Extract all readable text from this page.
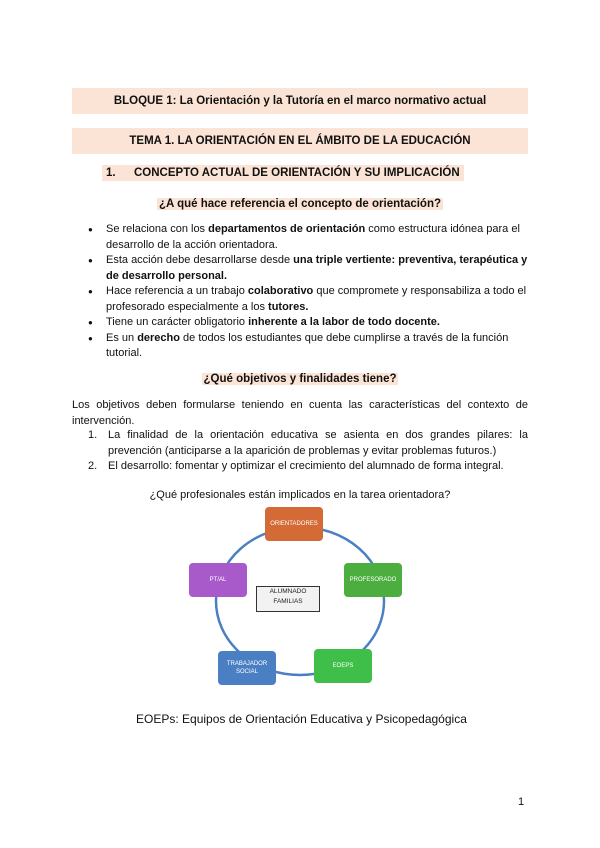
BLOQUE 1: La Orientación y la Tutoría en el marco normativo actual
TEMA 1. LA ORIENTACIÓN EN EL ÁMBITO DE LA EDUCACIÓN
1. CONCEPTO ACTUAL DE ORIENTACIÓN Y SU IMPLICACIÓN
¿A qué hace referencia el concepto de orientación?
● Se relaciona con los departamentos de orientación como estructura idónea para el desarrollo de la acción orientadora.
● Esta acción debe desarrollarse desde una triple vertiente: preventiva, terapéutica y de desarrollo personal.
● Hace referencia a un trabajo colaborativo que compromete y responsabiliza a todo el profesorado especialmente a los tutores.
● Tiene un carácter obligatorio inherente a la labor de todo docente.
● Es un derecho de todos los estudiantes que debe cumplirse a través de la función tutorial.
¿Qué objetivos y finalidades tiene?
Los objetivos deben formularse teniendo en cuenta las características del contexto de intervención.
1. La finalidad de la orientación educativa se asienta en dos grandes pilares: la prevención (anticiparse a la aparición de problemas y evitar problemas futuros.)
2. El desarrollo: fomentar y optimizar el crecimiento del alumnado de forma integral.
¿Qué profesionales están implicados en la tarea orientadora?
ORIENTADORES
PROFESORADO
EOEPS
TRABAJADOR SOCIAL
PT/AL
ALUMNADO
FAMILIAS
EOEPs: Equipos de Orientación Educativa y Psicopedagógica
1
